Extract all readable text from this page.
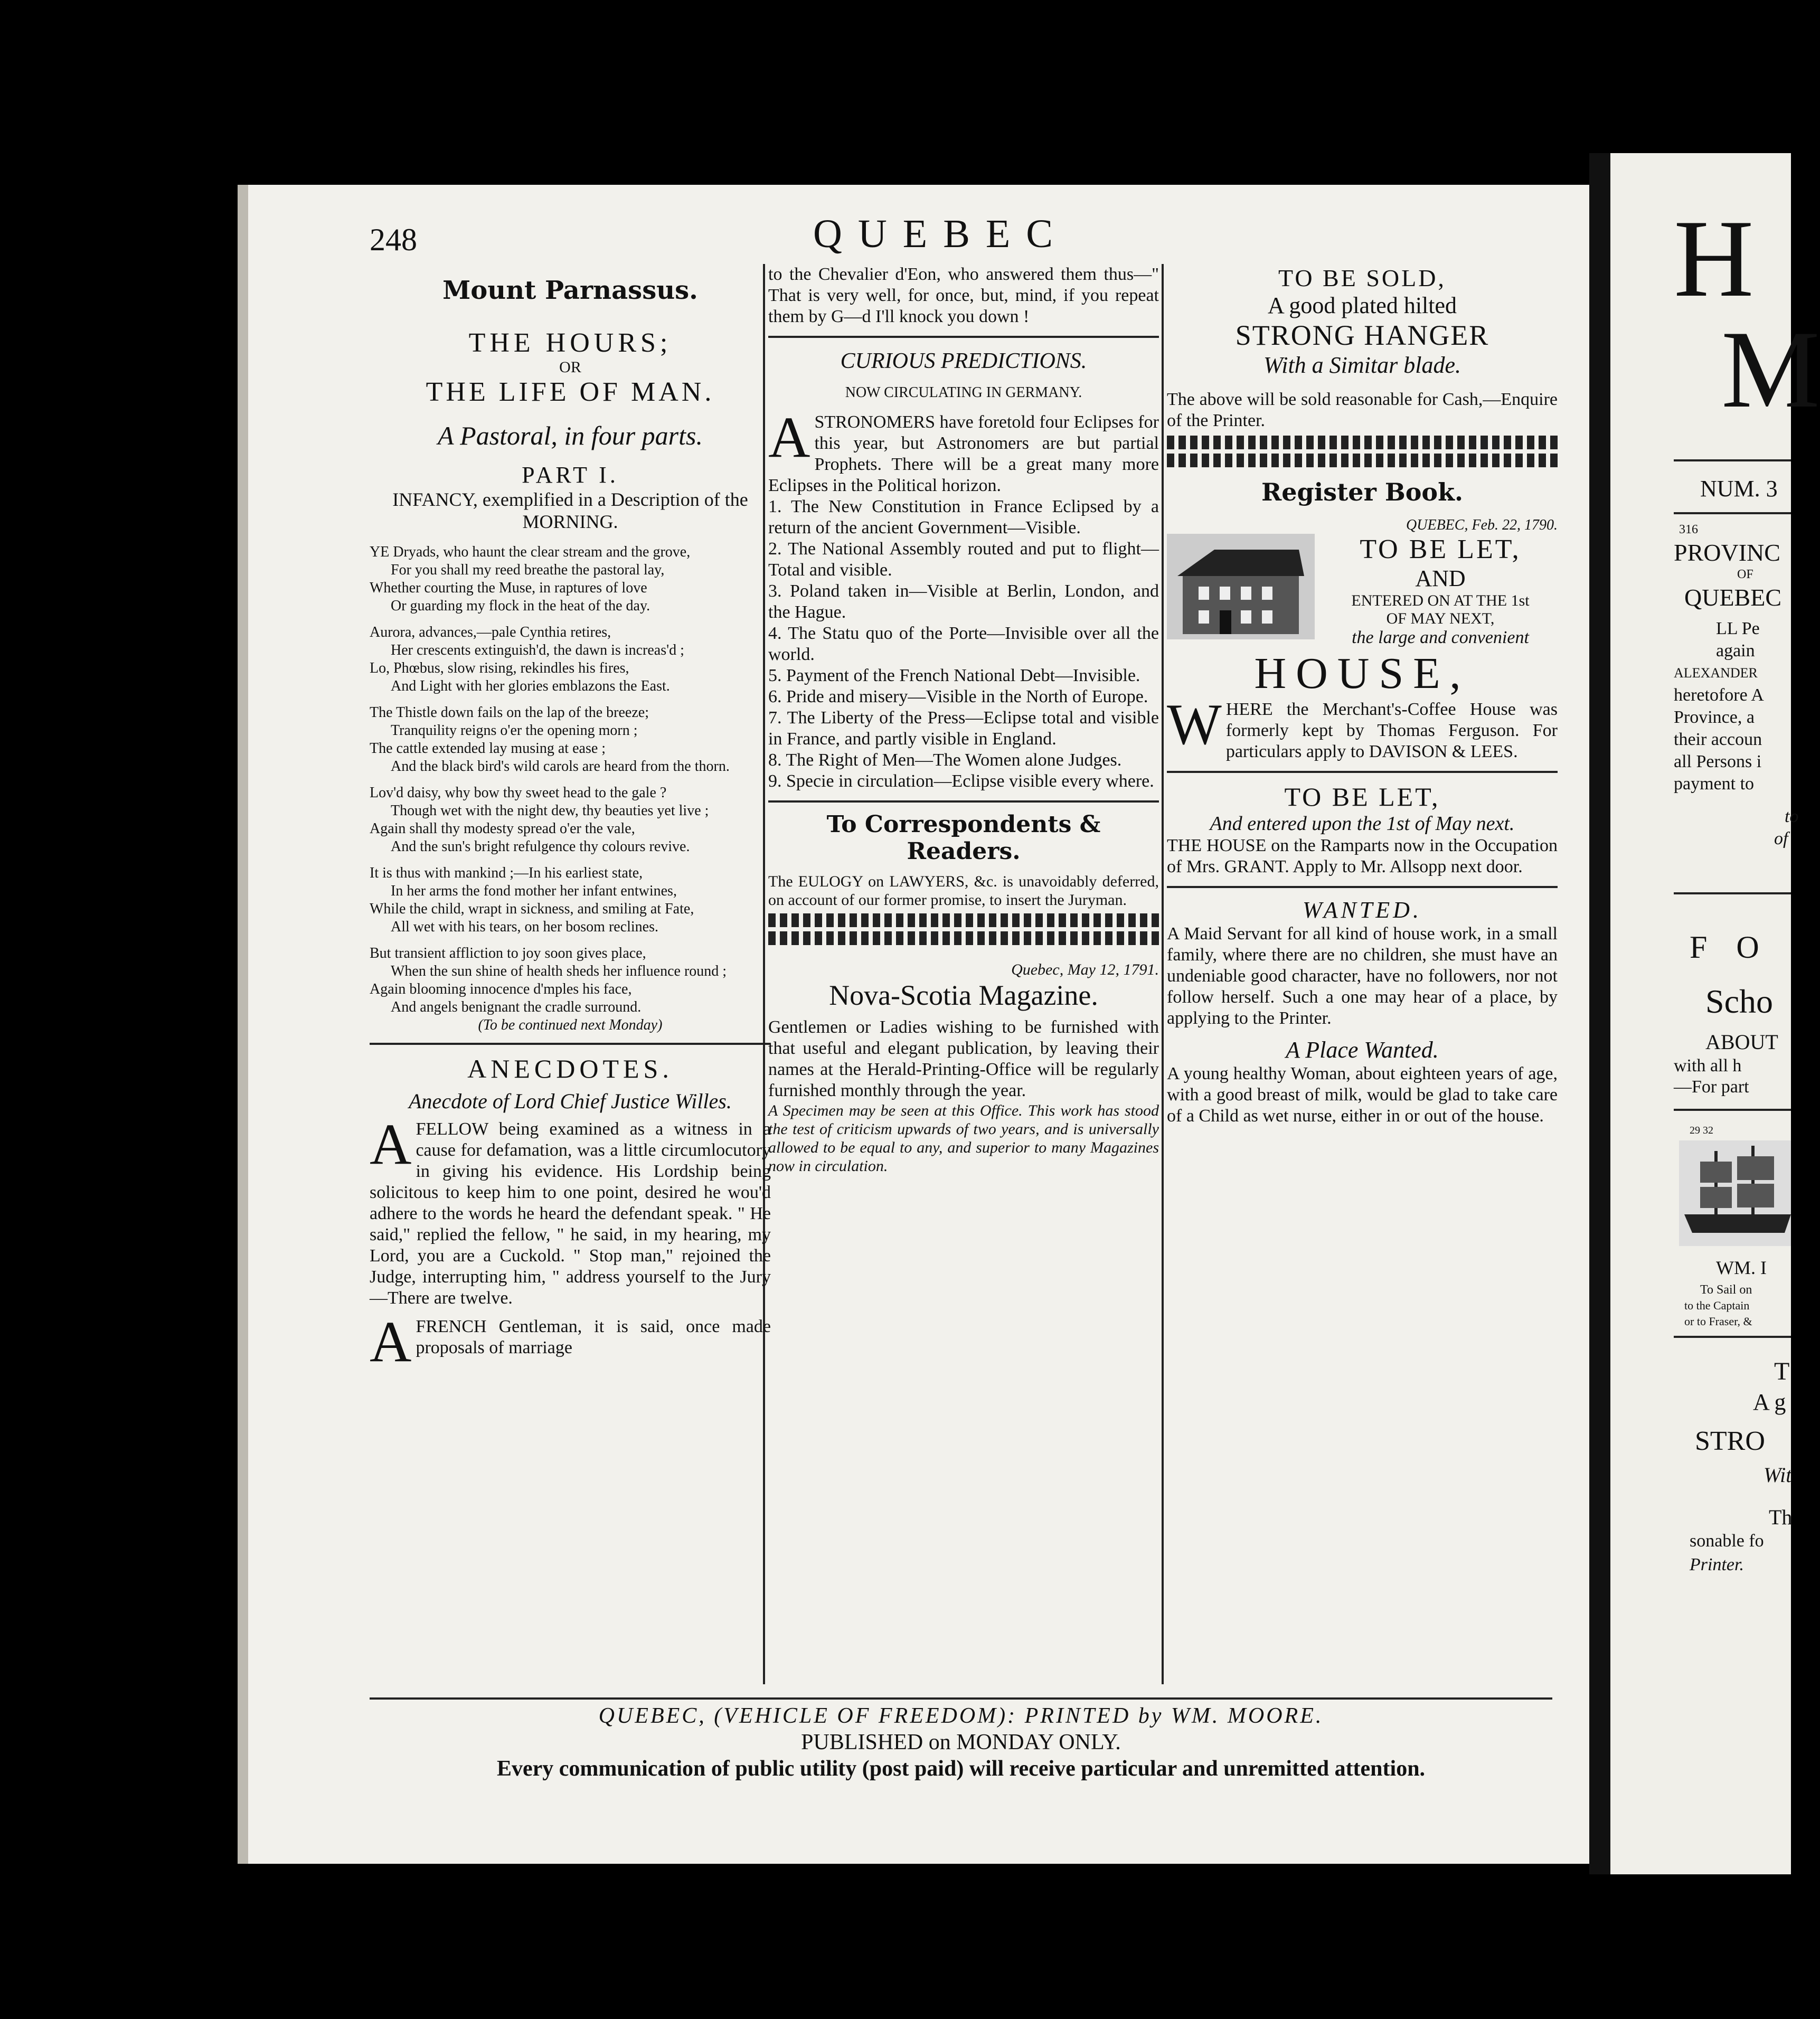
248	QUEBEC
Mount Parnassus.
THE HOURS;
OR
THE LIFE OF MAN.
A Pastoral, in four parts.
PART I.
INFANCY, exemplified in a Description of the MORNING.
YE Dryads, who haunt the clear stream and the grove,
For you shall my reed breathe the pastoral lay,
Whether courting the Muse, in raptures of love
Or guarding my flock in the heat of the day.
Aurora, advances,—pale Cynthia retires,
Her crescents extinguish'd, the dawn is increas'd ;
Lo, Phœbus, slow rising, rekindles his fires,
And Light with her glories emblazons the East.
The Thistle down fails on the lap of the breeze;
Tranquility reigns o'er the opening morn ;
The cattle extended lay musing at ease ;
And the black bird's wild carols are heard from the thorn.
Lov'd daisy, why bow thy sweet head to the gale ?
Though wet with the night dew, thy beauties yet live ;
Again shall thy modesty spread o'er the vale,
And the sun's bright refulgence thy colours revive.
It is thus with mankind ;—In his earliest state,
In her arms the fond mother her infant entwines,
While the child, wrapt in sickness, and smiling at Fate,
All wet with his tears, on her bosom reclines.
But transient affliction to joy soon gives place,
When the sun shine of health sheds her influence round ;
Again blooming innocence d'mples his face,
And angels benignant the cradle surround.
(To be continued next Monday)
ANECDOTES.
Anecdote of Lord Chief Justice Willes.

AFELLOW being examined as a witness in a cause for defamation, was a little circumlocutory in giving his evidence. His Lordship being solicitous to keep him to one point, desired he wou'd adhere to the words he heard the defendant speak. " He said," replied the fellow, " he said, in my hearing, my Lord, you are a Cuckold. " Stop man," rejoined the Judge, interrupting him, " address yourself to the Jury—There are twelve.

AFRENCH Gentleman, it is said, once made proposals of marriage

to the Chevalier d'Eon, who answered them thus—" That is very well, for once, but, mind, if you repeat them by G—d I'll knock you down !

CURIOUS PREDICTIONS.
NOW CIRCULATING IN GERMANY.

ASTRONOMERS have foretold four Eclipses for this year, but Astronomers are but partial Prophets. There will be a great many more Eclipses in the Political horizon.

1. The New Constitution in France Eclipsed by a return of the ancient Government—Visible.

2. The National Assembly routed and put to flight—Total and visible.

3. Poland taken in—Visible at Berlin, London, and the Hague.

4. The Statu quo of the Porte—Invisible over all the world.

5. Payment of the French National Debt—Invisible.

6. Pride and misery—Visible in the North of Europe.

7. The Liberty of the Press—Eclipse total and visible in France, and partly visible in England.

8. The Right of Men—The Women alone Judges.

9. Specie in circulation—Eclipse visible every where.

To Correspondents & Readers.

The EULOGY on LAWYERS, &c. is unavoidably deferred, on account of our former promise, to insert the Juryman.

Quebec, May 12, 1791.
Nova-Scotia Magazine.

Gentlemen or Ladies wishing to be furnished with that useful and elegant publication, by leaving their names at the Herald-Printing-Office will be regularly furnished monthly through the year.

A Specimen may be seen at this Office. This work has stood the test of criticism upwards of two years, and is universally allowed to be equal to any, and superior to many Magazines now in circulation.

TO BE SOLD,
A good plated hilted
STRONG HANGER
With a Simitar blade.

The above will be sold reasonable for Cash,—Enquire of the Printer.

Register Book.
QUEBEC, Feb. 22, 1790.
TO BE LET,
AND
ENTERED ON AT THE 1st
OF MAY NEXT,
the large and convenient
HOUSE,

WHERE the Merchant's-Coffee House was formerly kept by Thomas Ferguson. For particulars apply to DAVISON & LEES.

TO BE LET,
And entered upon the 1st of May next.

THE HOUSE on the Ramparts now in the Occupation of Mrs. GRANT. Apply to Mr. Allsopp next door.

WANTED.

A Maid Servant for all kind of house work, in a small family, where there are no children, she must have an undeniable good character, have no followers, nor not follow herself. Such a one may hear of a place, by applying to the Printer.

A Place Wanted.

A young healthy Woman, about eighteen years of age, with a good breast of milk, would be glad to take care of a Child as wet nurse, either in or out of the house.

QUEBEC, (VEHICLE OF FREEDOM): PRINTED by WM. MOORE.
PUBLISHED on MONDAY ONLY.
Every communication of public utility (post paid) will receive particular and unremitted attention.
H
M
NUM. 3
316
PROVINC
OF
QUEBEC
LL Pe
again
ALEXANDER
heretofore A
Province, a
their accoun
all Persons i
payment to
to
of
F O
Scho
ABOUT
with all h
—For part
29 32
WM. I
To Sail on
to the Captain
or to Fraser, &
T
A g
STRO
Wit
Th
sonable fo
Printer.
